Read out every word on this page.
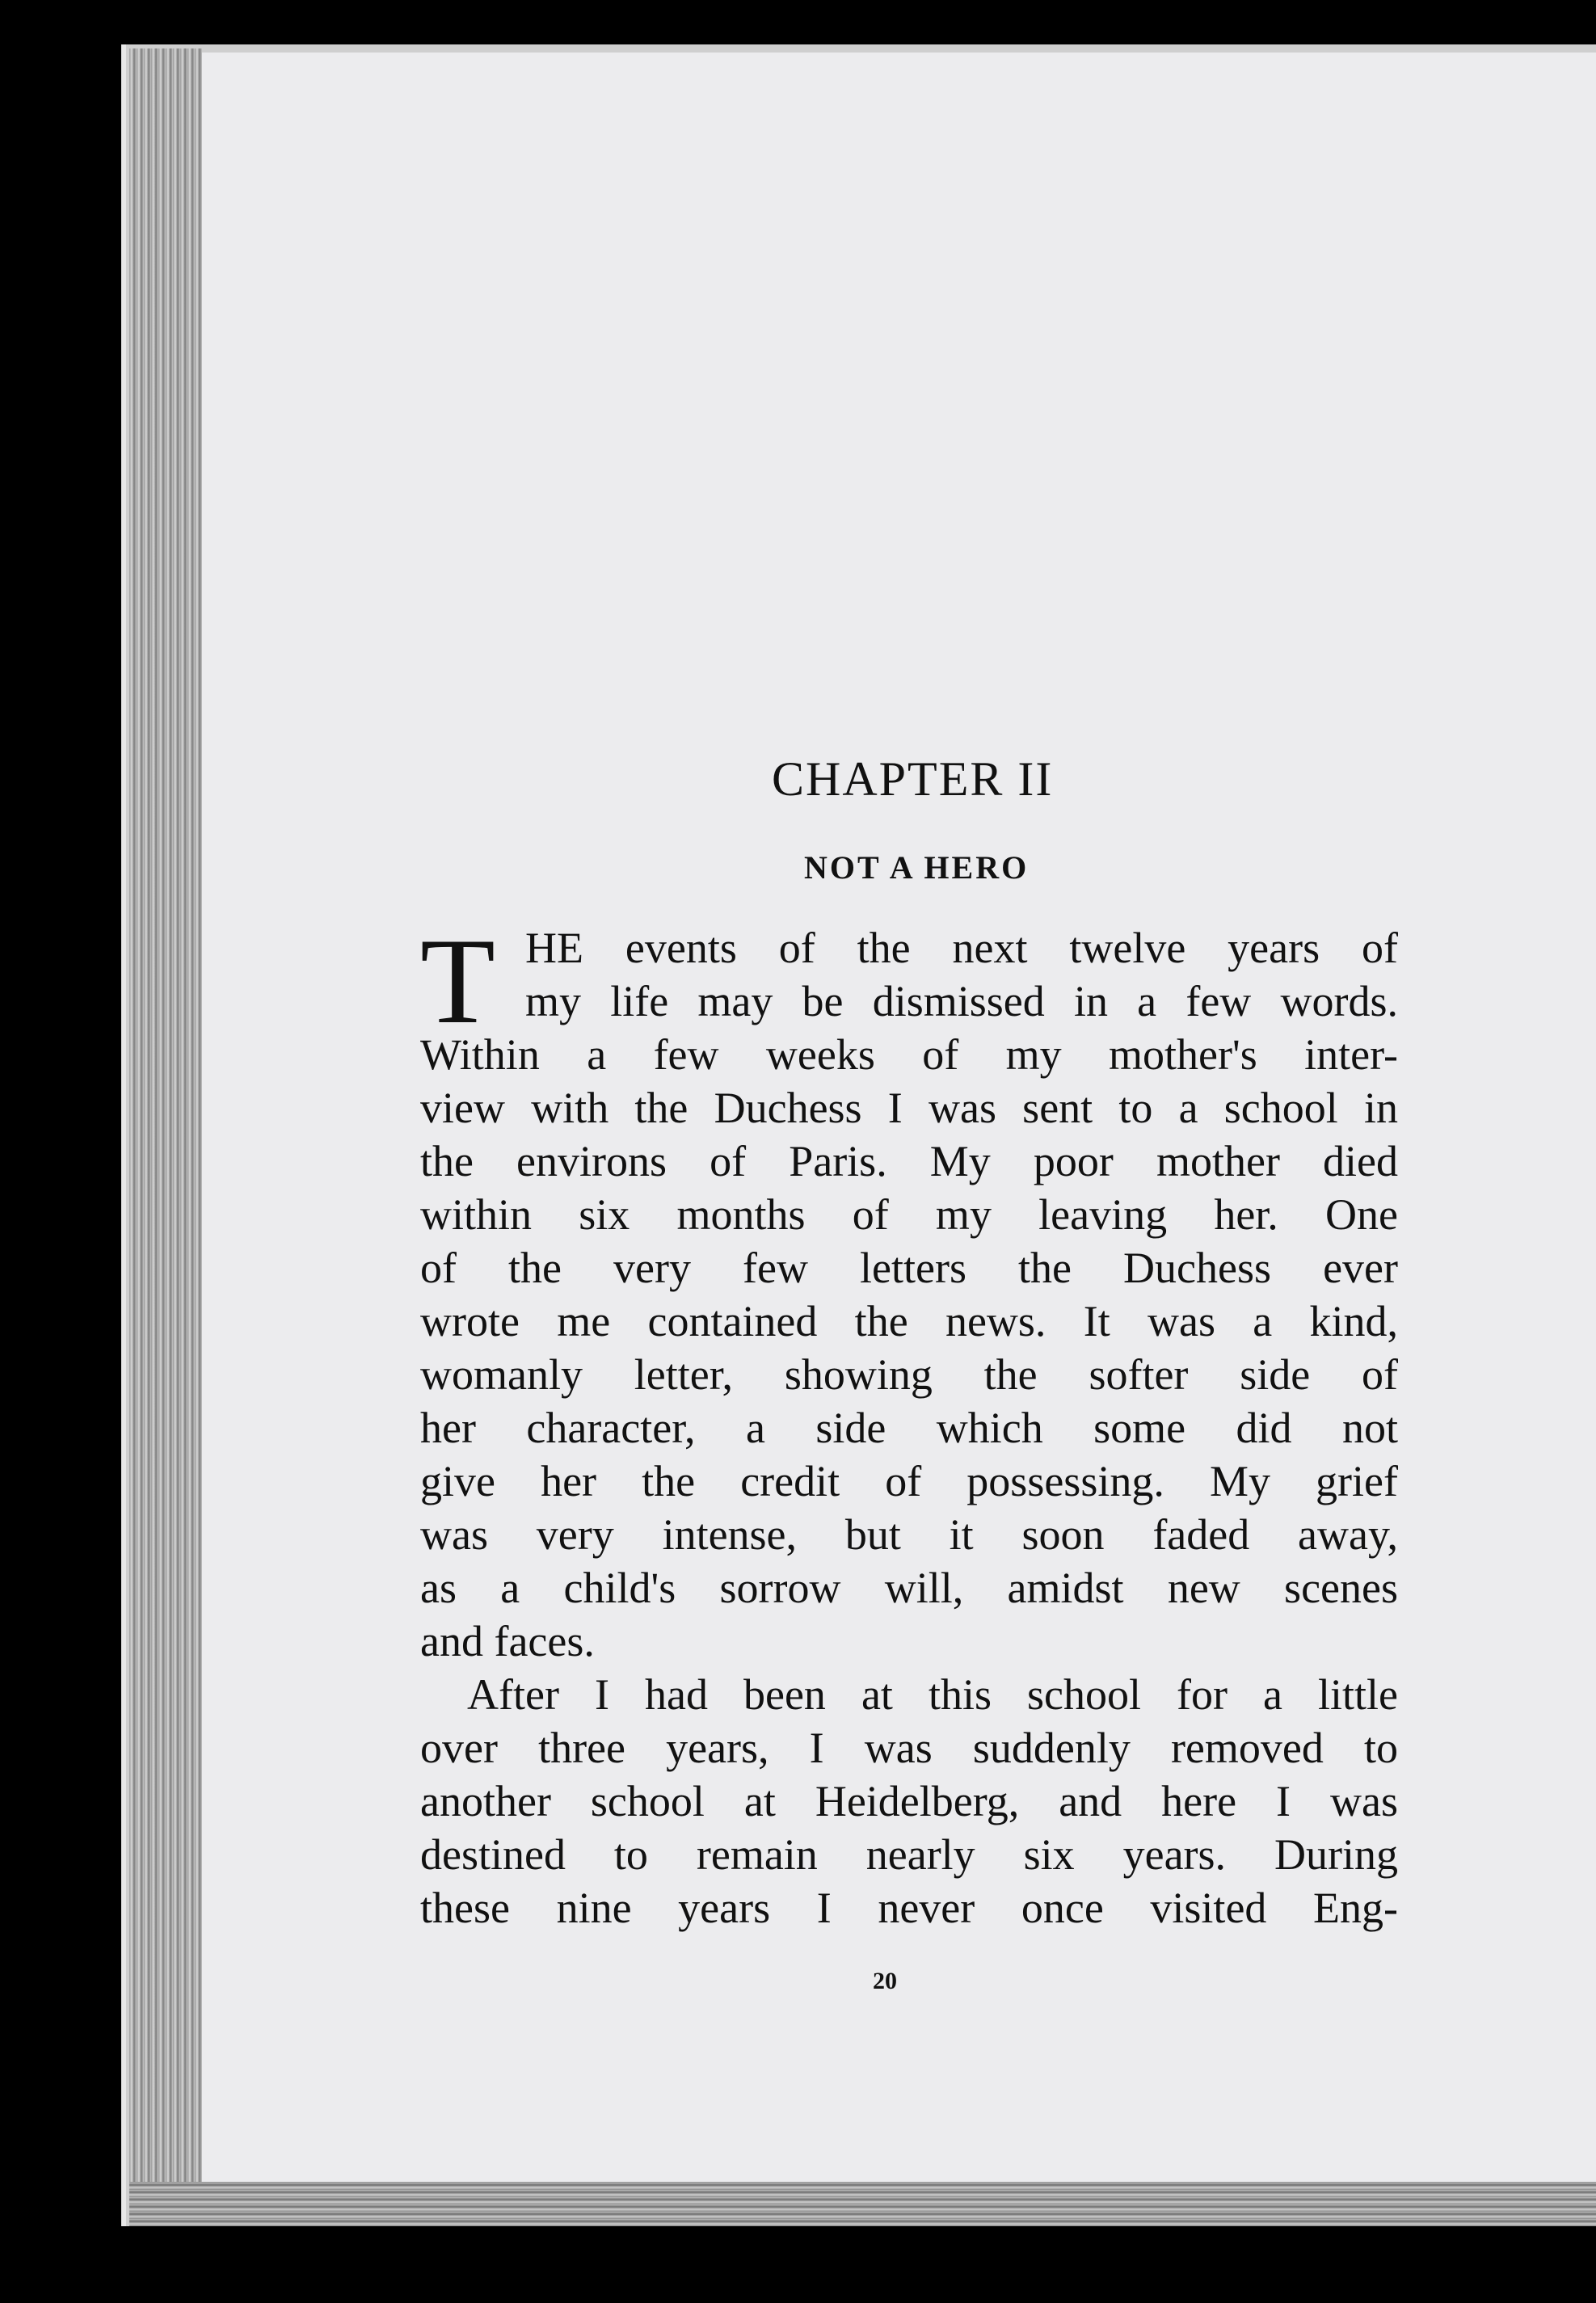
CHAPTER II
NOT A HERO
T HE events of the next twelve years of
my life may be dismissed in a few words.
Within a few weeks of my mother's inter-
view with the Duchess I was sent to a school in
the environs of Paris. My poor mother died
within six months of my leaving her. One
of the very few letters the Duchess ever
wrote me contained the news. It was a kind,
womanly letter, showing the softer side of
her character, a side which some did not
give her the credit of possessing. My grief
was very intense, but it soon faded away,
as a child's sorrow will, amidst new scenes
and faces.
After I had been at this school for a little
over three years, I was suddenly removed to
another school at Heidelberg, and here I was
destined to remain nearly six years. During
these nine years I never once visited Eng-
20
